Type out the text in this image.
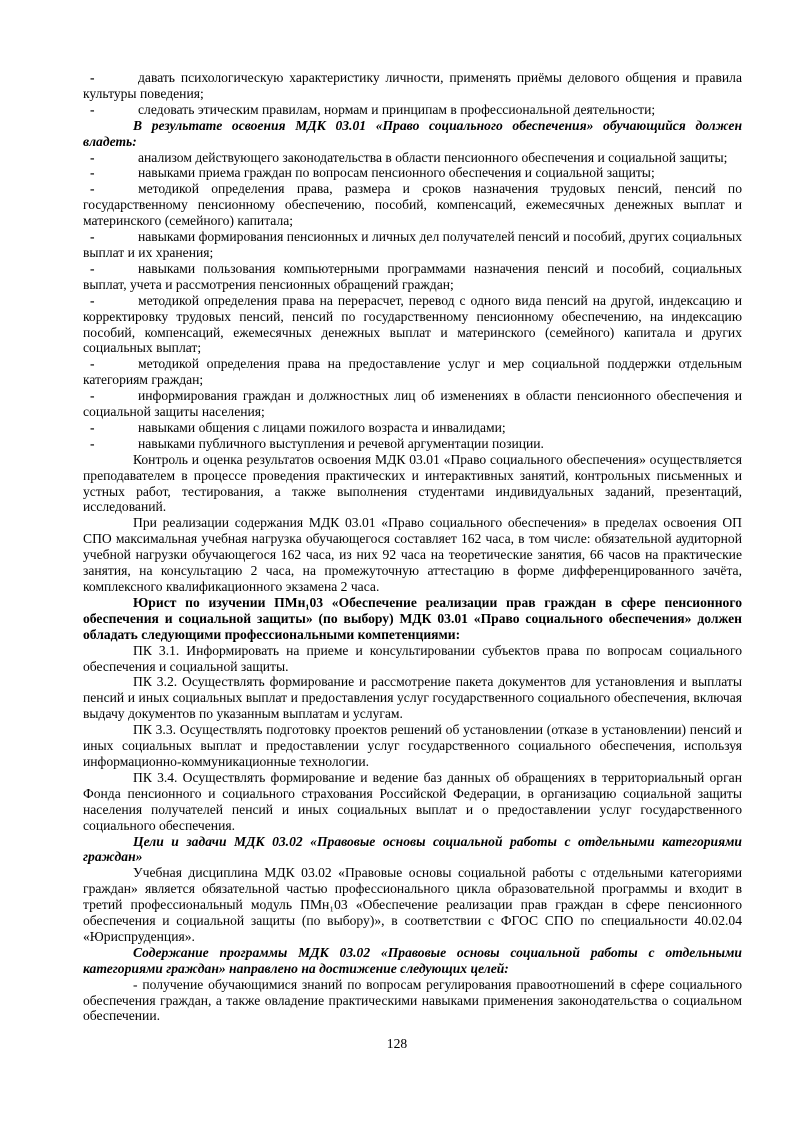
-	давать психологическую характеристику личности, применять приёмы делового общения и правила культуры поведения;

-	следовать этическим правилам, нормам и принципам в профессиональной деятельности;

В результате освоения МДК 03.01 «Право социального обеспечения» обучающийся должен владеть:

-	анализом действующего законодательства в области пенсионного обеспечения и социальной защиты;

-	навыками приема граждан по вопросам пенсионного обеспечения и социальной защиты;

-	методикой определения права, размера и сроков назначения трудовых пенсий, пенсий по государственному пенсионному обеспечению, пособий, компенсаций, ежемесячных денежных выплат и материнского (семейного) капитала;

-	навыками формирования пенсионных и личных дел получателей пенсий и пособий, других социальных выплат и их хранения;

-	навыками пользования компьютерными программами назначения пенсий и пособий, социальных выплат, учета и рассмотрения пенсионных обращений граждан;

-	методикой определения права на перерасчет, перевод с одного вида пенсий на другой, индексацию и корректировку трудовых пенсий, пенсий по государственному пенсионному обеспечению, на индексацию пособий, компенсаций, ежемесячных денежных выплат и материнского (семейного) капитала и других социальных выплат;

-	методикой определения права на предоставление услуг и мер социальной поддержки отдельным категориям граждан;

-	информирования граждан и должностных лиц об изменениях в области пенсионного обеспечения и социальной защиты населения;

-	навыками общения с лицами пожилого возраста и инвалидами;

-	навыками публичного выступления и речевой аргументации позиции.

Контроль и оценка результатов освоения МДК 03.01 «Право социального обеспечения» осуществляется преподавателем в процессе проведения практических и интерактивных занятий, контрольных письменных и устных работ, тестирования, а также выполнения студентами индивидуальных заданий, презентаций, исследований.

При реализации содержания МДК 03.01 «Право социального обеспечения» в пределах освоения ОП СПО максимальная учебная нагрузка обучающегося составляет 162 часа, в том числе: обязательной аудиторной учебной нагрузки обучающегося 162 часа, из них 92 часа на теоретические занятия, 66 часов на практические занятия, на консультацию 2 часа, на промежуточную аттестацию в форме дифференцированного зачёта, комплексного квалификационного экзамена 2 часа.

Юрист по изучении ПМн₁03 «Обеспечение реализации прав граждан в сфере пенсионного обеспечения и социальной защиты» (по выбору) МДК 03.01 «Право социального обеспечения» должен обладать следующими профессиональными компетенциями:

ПК 3.1. Информировать на приеме и консультировании субъектов права по вопросам социального обеспечения и социальной защиты.

ПК 3.2. Осуществлять формирование и рассмотрение пакета документов для установления и выплаты пенсий и иных социальных выплат и предоставления услуг государственного социального обеспечения, включая выдачу документов по указанным выплатам и услугам.

ПК 3.3. Осуществлять подготовку проектов решений об установлении (отказе в установлении) пенсий и иных социальных выплат и предоставлении услуг государственного социального обеспечения, используя информационно-коммуникационные технологии.

ПК 3.4. Осуществлять формирование и ведение баз данных об обращениях в территориальный орган Фонда пенсионного и социального страхования Российской Федерации, в организацию социальной защиты населения получателей пенсий и иных социальных выплат и о предоставлении услуг государственного социального обеспечения.

Цели и задачи МДК 03.02 «Правовые основы социальной работы с отдельными категориями граждан»

Учебная дисциплина МДК 03.02 «Правовые основы социальной работы с отдельными категориями граждан» является обязательной частью профессионального цикла образовательной программы и входит в третий профессиональный модуль ПМн₁03 «Обеспечение реализации прав граждан в сфере пенсионного обеспечения и социальной защиты (по выбору)», в соответствии с ФГОС СПО по специальности 40.02.04 «Юриспруденция».

Содержание программы МДК 03.02 «Правовые основы социальной работы с отдельными категориями граждан» направлено на достижение следующих целей:

- получение обучающимися знаний по вопросам регулирования правоотношений в сфере социального обеспечения граждан, а также овладение практическими навыками применения законодательства о социальном обеспечении.

128
